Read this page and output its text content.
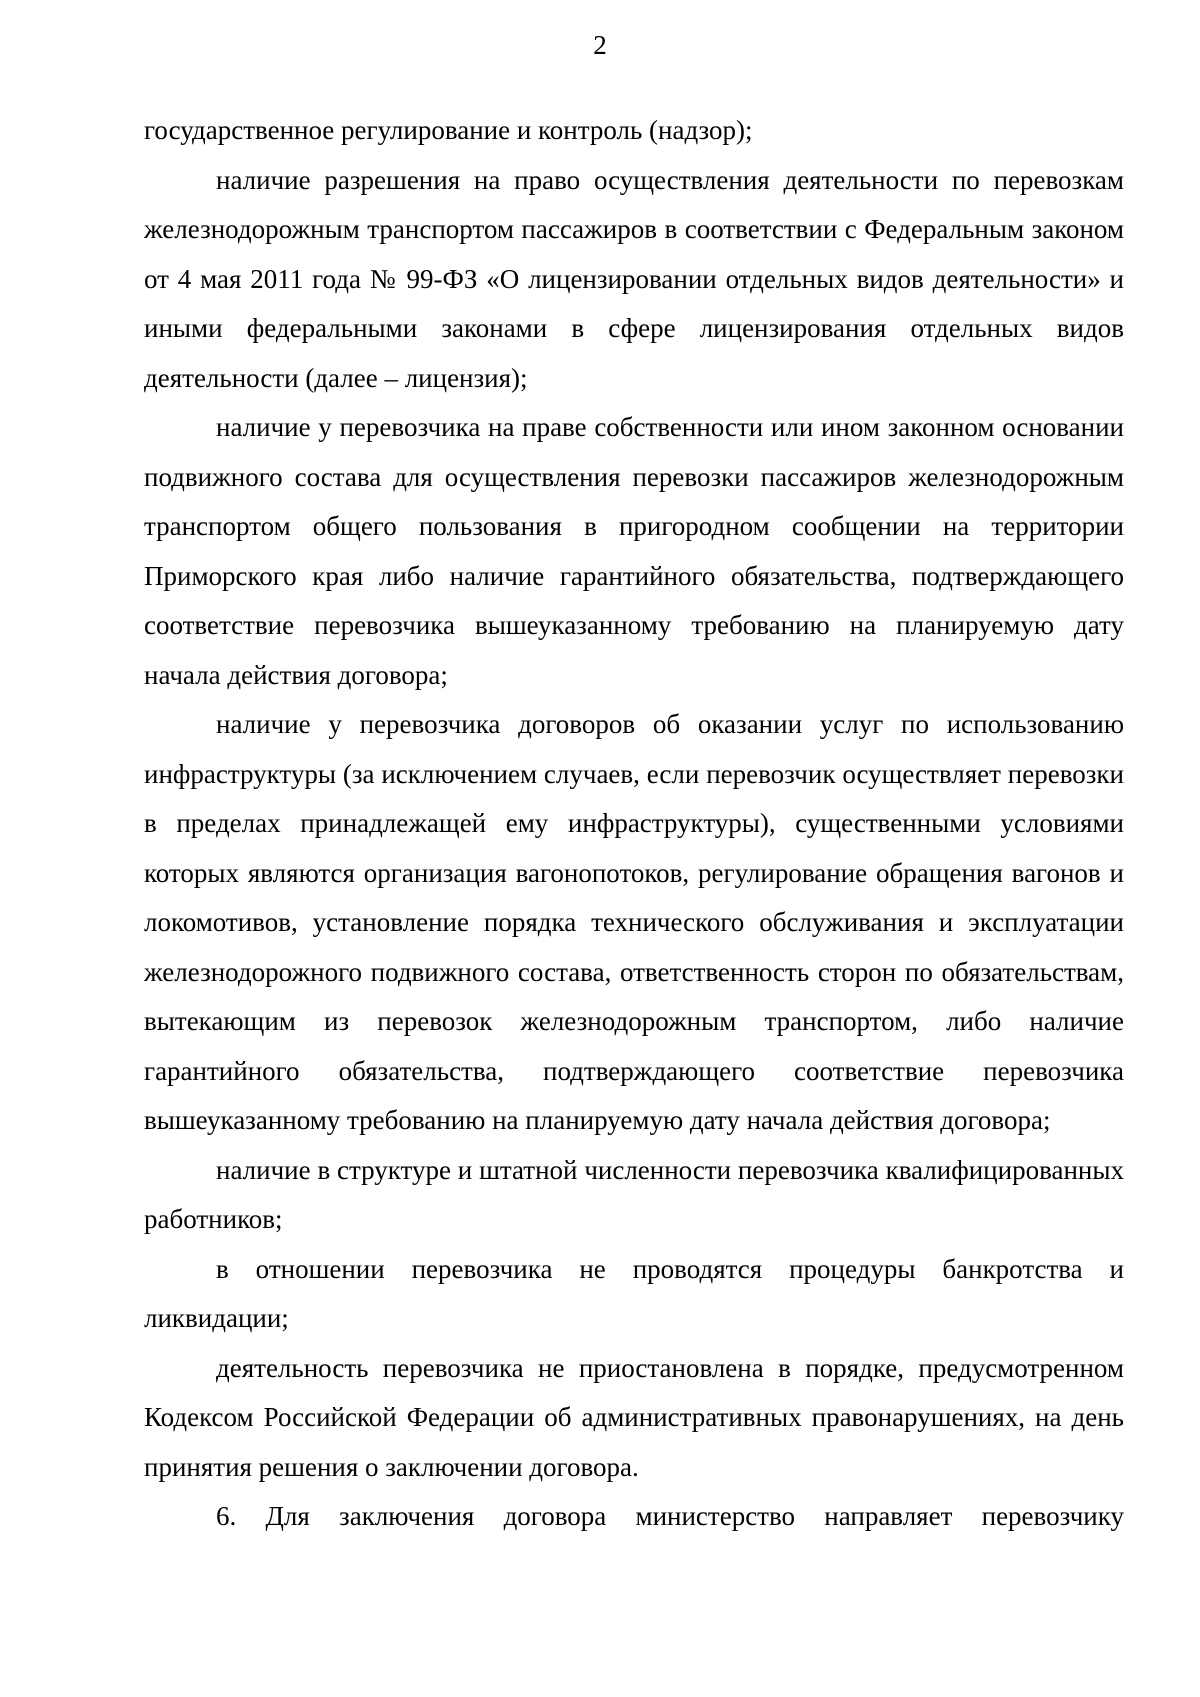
2

государственное регулирование и контроль (надзор);

наличие разрешения на право осуществления деятельности по перевозкам железнодорожным транспортом пассажиров в соответствии с Федеральным законом от 4 мая 2011 года № 99-ФЗ «О лицензировании отдельных видов деятельности» и иными федеральными законами в сфере лицензирования отдельных видов деятельности (далее – лицензия);

наличие у перевозчика на праве собственности или ином законном основании подвижного состава для осуществления перевозки пассажиров железнодорожным транспортом общего пользования в пригородном сообщении на территории Приморского края либо наличие гарантийного обязательства, подтверждающего соответствие перевозчика вышеуказанному требованию на планируемую дату начала действия договора;

наличие у перевозчика договоров об оказании услуг по использованию инфраструктуры (за исключением случаев, если перевозчик осуществляет перевозки в пределах принадлежащей ему инфраструктуры), существенными условиями которых являются организация вагонопотоков, регулирование обращения вагонов и локомотивов, установление порядка технического обслуживания и эксплуатации железнодорожного подвижного состава, ответственность сторон по обязательствам, вытекающим из перевозок железнодорожным транспортом, либо наличие гарантийного обязательства, подтверждающего соответствие перевозчика вышеуказанному требованию на планируемую дату начала действия договора;

наличие в структуре и штатной численности перевозчика квалифицированных работников;

в отношении перевозчика не проводятся процедуры банкротства и ликвидации;

деятельность перевозчика не приостановлена в порядке, предусмотренном Кодексом Российской Федерации об административных правонарушениях, на день принятия решения о заключении договора.

6. Для заключения договора министерство направляет перевозчику
